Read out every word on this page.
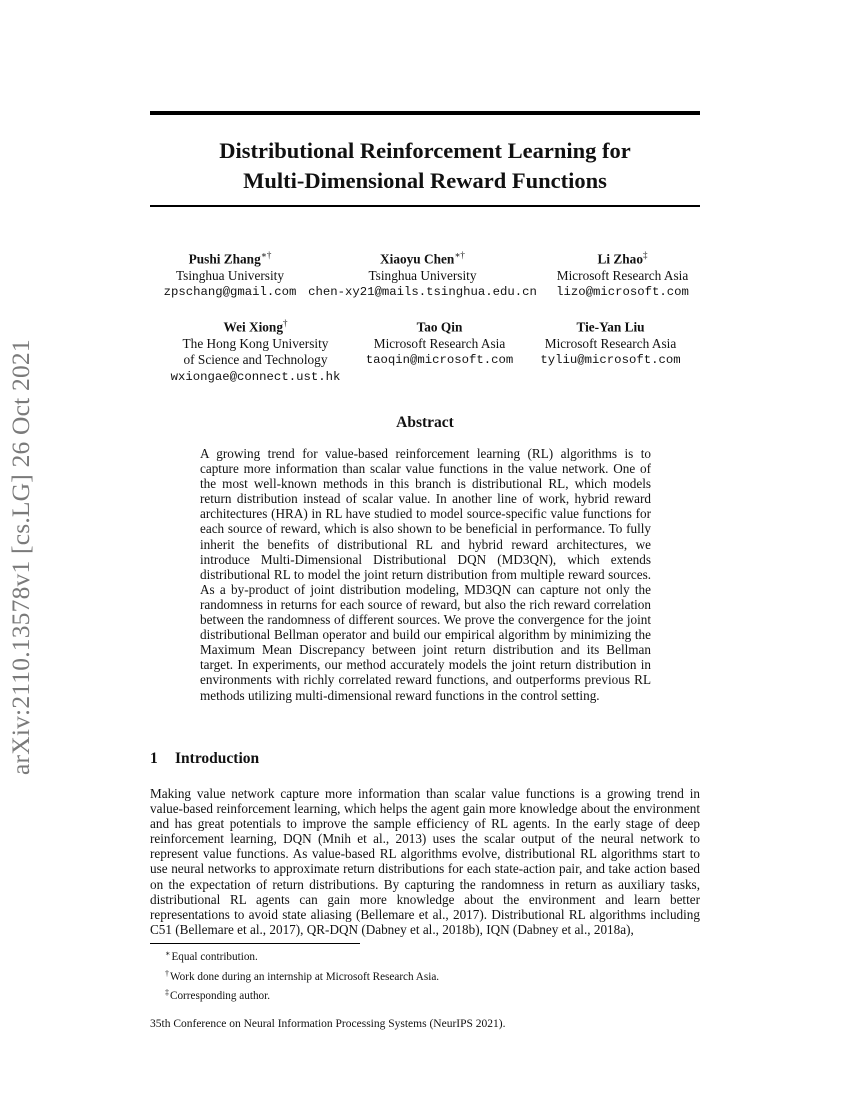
arXiv:2110.13578v1 [cs.LG] 26 Oct 2021
Distributional Reinforcement Learning for
Multi-Dimensional Reward Functions
Pushi Zhang∗†
Tsinghua University
zpschang@gmail.com
Xiaoyu Chen∗†
Tsinghua University
chen-xy21@mails.tsinghua.edu.cn
Li Zhao‡
Microsoft Research Asia
lizo@microsoft.com
Wei Xiong†
The Hong Kong University
of Science and Technology
wxiongae@connect.ust.hk
Tao Qin
Microsoft Research Asia
taoqin@microsoft.com
Tie-Yan Liu
Microsoft Research Asia
tyliu@microsoft.com
Abstract

A growing trend for value-based reinforcement learning (RL) algorithms is to capture more information than scalar value functions in the value network. One of the most well-known methods in this branch is distributional RL, which models return distribution instead of scalar value. In another line of work, hybrid reward architectures (HRA) in RL have studied to model source-specific value functions for each source of reward, which is also shown to be beneficial in performance. To fully inherit the benefits of distributional RL and hybrid reward architectures, we introduce Multi-Dimensional Distributional DQN (MD3QN), which extends distributional RL to model the joint return distribution from multiple reward sources. As a by-product of joint distribution modeling, MD3QN can capture not only the randomness in returns for each source of reward, but also the rich reward correlation between the randomness of different sources. We prove the convergence for the joint distributional Bellman operator and build our empirical algorithm by minimizing the Maximum Mean Discrepancy between joint return distribution and its Bellman target. In experiments, our method accurately models the joint return distribution in environments with richly correlated reward functions, and outperforms previous RL methods utilizing multi-dimensional reward functions in the control setting.

1 Introduction

Making value network capture more information than scalar value functions is a growing trend in value-based reinforcement learning, which helps the agent gain more knowledge about the environment and has great potentials to improve the sample efficiency of RL agents. In the early stage of deep reinforcement learning, DQN (Mnih et al., 2013) uses the scalar output of the neural network to represent value functions. As value-based RL algorithms evolve, distributional RL algorithms start to use neural networks to approximate return distributions for each state-action pair, and take action based on the expectation of return distributions. By capturing the randomness in return as auxiliary tasks, distributional RL agents can gain more knowledge about the environment and learn better representations to avoid state aliasing (Bellemare et al., 2017). Distributional RL algorithms including C51 (Bellemare et al., 2017), QR-DQN (Dabney et al., 2018b), IQN (Dabney et al., 2018a),

∗Equal contribution.
†Work done during an internship at Microsoft Research Asia.
‡Corresponding author.
35th Conference on Neural Information Processing Systems (NeurIPS 2021).
